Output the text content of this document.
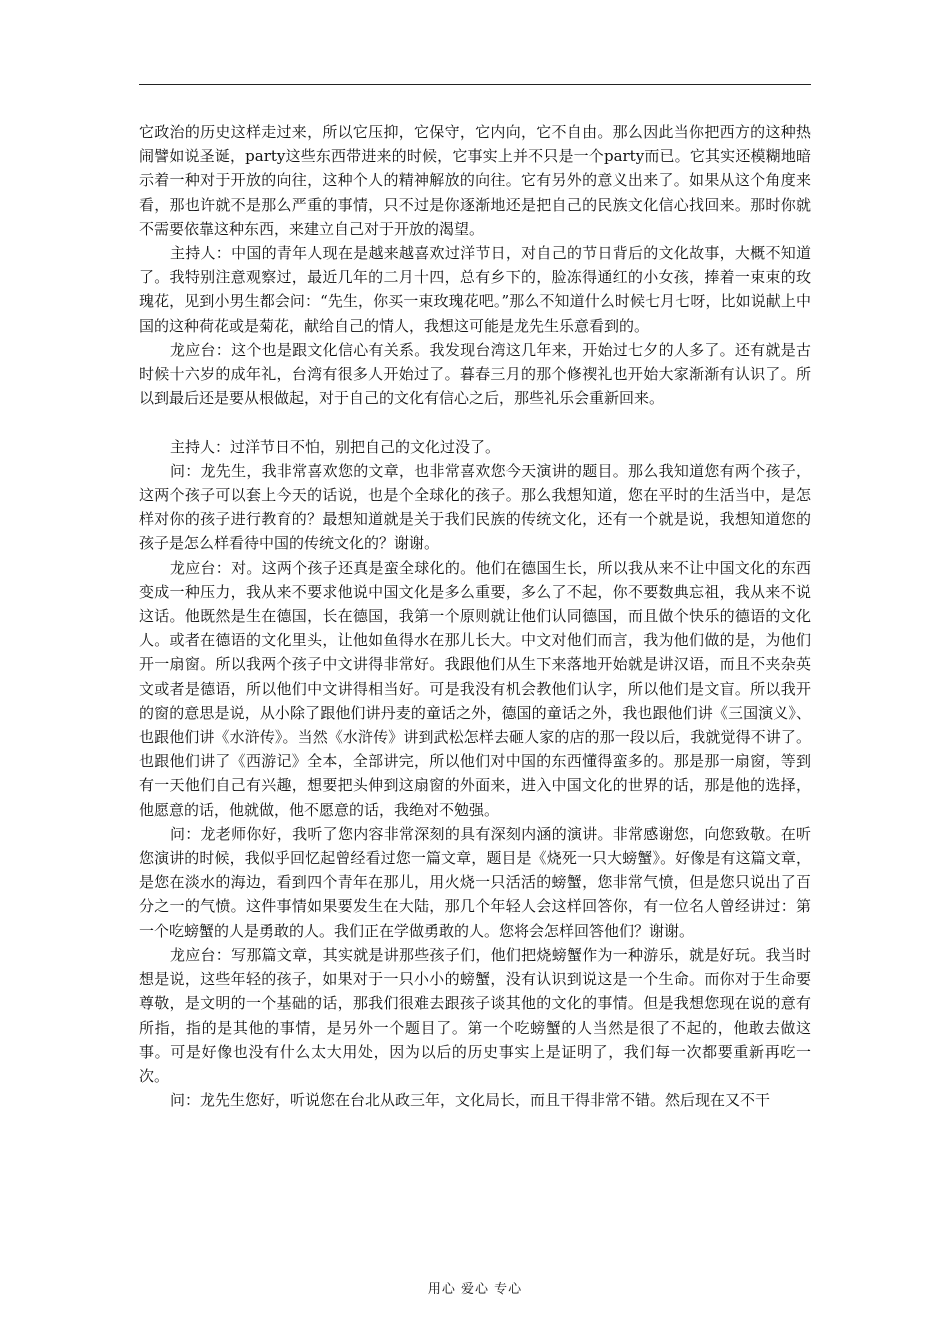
它政治的历史这样走过来，所以它压抑，它保守，它内向，它不自由。那么因此当你把西方的这种热闹譬如说圣诞，party这些东西带进来的时候，它事实上并不只是一个party而已。它其实还模糊地暗示着一种对于开放的向往，这种个人的精神解放的向往。它有另外的意义出来了。如果从这个角度来看，那也许就不是那么严重的事情，只不过是你逐渐地还是把自己的民族文化信心找回来。那时你就不需要依靠这种东西，来建立自己对于开放的渴望。

主持人：中国的青年人现在是越来越喜欢过洋节日，对自己的节日背后的文化故事，大概不知道了。我特别注意观察过，最近几年的二月十四，总有乡下的，脸冻得通红的小女孩，捧着一束束的玫瑰花，见到小男生都会问：“先生，你买一束玫瑰花吧。”那么不知道什么时候七月七呀，比如说献上中国的这种荷花或是菊花，献给自己的情人，我想这可能是龙先生乐意看到的。

龙应台：这个也是跟文化信心有关系。我发现台湾这几年来，开始过七夕的人多了。还有就是古时候十六岁的成年礼，台湾有很多人开始过了。暮春三月的那个修禊礼也开始大家渐渐有认识了。所以到最后还是要从根做起，对于自己的文化有信心之后，那些礼乐会重新回来。

主持人：过洋节日不怕，别把自己的文化过没了。

问：龙先生，我非常喜欢您的文章，也非常喜欢您今天演讲的题目。那么我知道您有两个孩子，这两个孩子可以套上今天的话说，也是个全球化的孩子。那么我想知道，您在平时的生活当中，是怎样对你的孩子进行教育的？最想知道就是关于我们民族的传统文化，还有一个就是说，我想知道您的孩子是怎么样看待中国的传统文化的？谢谢。

龙应台：对。这两个孩子还真是蛮全球化的。他们在德国生长，所以我从来不让中国文化的东西变成一种压力，我从来不要求他说中国文化是多么重要，多么了不起，你不要数典忘祖，我从来不说这话。他既然是生在德国，长在德国，我第一个原则就让他们认同德国，而且做个快乐的德语的文化人。或者在德语的文化里头，让他如鱼得水在那儿长大。中文对他们而言，我为他们做的是，为他们开一扇窗。所以我两个孩子中文讲得非常好。我跟他们从生下来落地开始就是讲汉语，而且不夹杂英文或者是德语，所以他们中文讲得相当好。可是我没有机会教他们认字，所以他们是文盲。所以我开的窗的意思是说，从小除了跟他们讲丹麦的童话之外，德国的童话之外，我也跟他们讲《三国演义》、也跟他们讲《水浒传》。当然《水浒传》讲到武松怎样去砸人家的店的那一段以后，我就觉得不讲了。也跟他们讲了《西游记》全本，全部讲完，所以他们对中国的东西懂得蛮多的。那是那一扇窗，等到有一天他们自己有兴趣，想要把头伸到这扇窗的外面来，进入中国文化的世界的话，那是他的选择，他愿意的话，他就做，他不愿意的话，我绝对不勉强。

问：龙老师你好，我听了您内容非常深刻的具有深刻内涵的演讲。非常感谢您，向您致敬。在听您演讲的时候，我似乎回忆起曾经看过您一篇文章，题目是《烧死一只大螃蟹》。好像是有这篇文章，是您在淡水的海边，看到四个青年在那儿，用火烧一只活活的螃蟹，您非常气愤，但是您只说出了百分之一的气愤。这件事情如果要发生在大陆，那几个年轻人会这样回答你，有一位名人曾经讲过：第一个吃螃蟹的人是勇敢的人。我们正在学做勇敢的人。您将会怎样回答他们？谢谢。

龙应台：写那篇文章，其实就是讲那些孩子们，他们把烧螃蟹作为一种游乐，就是好玩。我当时想是说，这些年轻的孩子，如果对于一只小小的螃蟹，没有认识到说这是一个生命。而你对于生命要尊敬，是文明的一个基础的话，那我们很难去跟孩子谈其他的文化的事情。但是我想您现在说的意有所指，指的是其他的事情，是另外一个题目了。第一个吃螃蟹的人当然是很了不起的，他敢去做这事。可是好像也没有什么太大用处，因为以后的历史事实上是证明了，我们每一次都要重新再吃一次。

问：龙先生您好，听说您在台北从政三年，文化局长，而且干得非常不错。然后现在又不干

用心 爱心 专心
